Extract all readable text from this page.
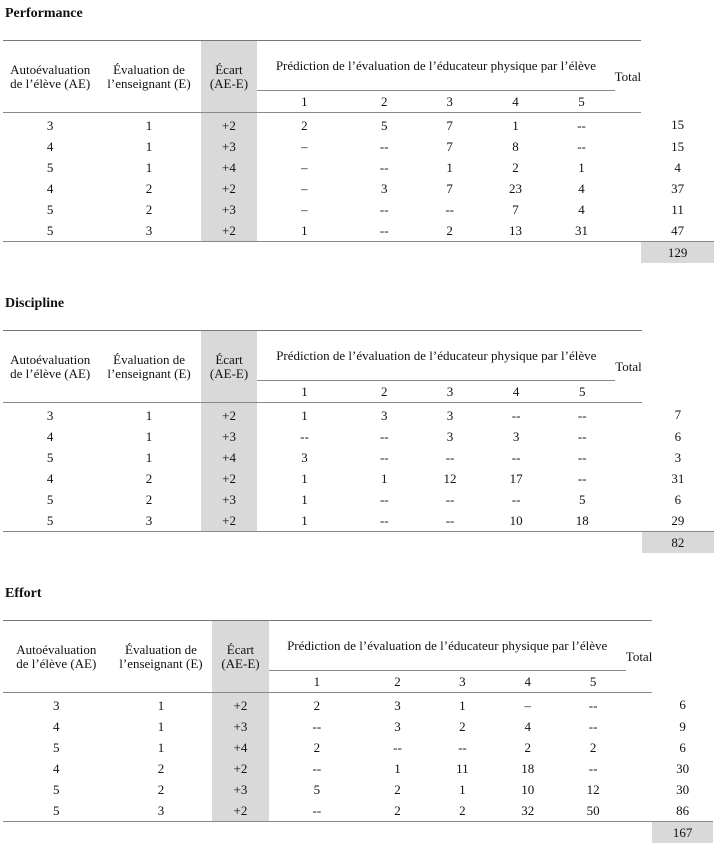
Performance
Autoévaluation
de l’élève (AE)	Évaluation de
l’enseignant (E)	Écart
(AE-E)	Prédiction de l’évaluation de l’éducateur physique par l’élève					Total	
			1	2	3	4	5		
3	1	+2	2	5	7	1	--		15
4	1	+3	–	--	7	8	--		15
5	1	+4	–	--	1	2	1		4
4	2	+2	–	3	7	23	4		37
5	2	+3	–	--	--	7	4		11
5	3	+2	1	--	2	13	31		47
									129
Discipline
Autoévaluation
de l’élève (AE)	Évaluation de
l’enseignant (E)	Écart
(AE-E)	Prédiction de l’évaluation de l’éducateur physique par l’élève					Total	
			1	2	3	4	5		
3	1	+2	1	3	3	--	--		7
4	1	+3	--	--	3	3	--		6
5	1	+4	3	--	--	--	--		3
4	2	+2	1	1	12	17	--		31
5	2	+3	1	--	--	--	5		6
5	3	+2	1	--	--	10	18		29
									82
Effort
Autoévaluation
de l’élève (AE)	Évaluation de
l’enseignant (E)	Écart
(AE-E)	Prédiction de l’évaluation de l’éducateur physique par l’élève					Total	
			1	2	3	4	5		
3	1	+2	2	3	1	–	--		6
4	1	+3	--	3	2	4	--		9
5	1	+4	2	--	--	2	2		6
4	2	+2	--	1	11	18	--		30
5	2	+3	5	2	1	10	12		30
5	3	+2	--	2	2	32	50		86
									167
